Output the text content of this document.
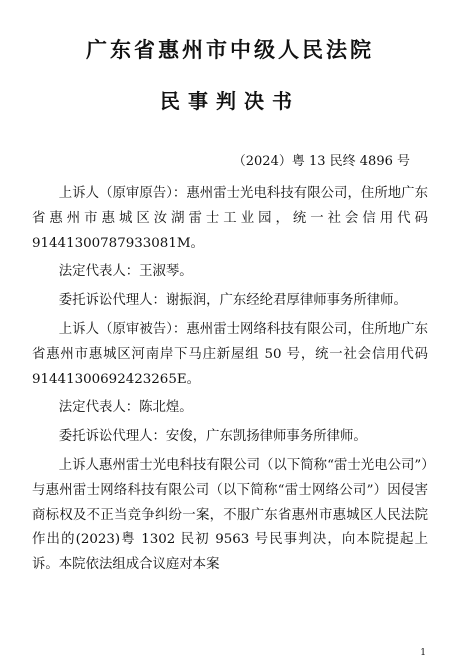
广东省惠州市中级人民法院
民事判决书
（2024）粤 13 民终 4896 号

上诉人（原审原告）：惠州雷士光电科技有限公司，住所地广东省惠州市惠城区汝湖雷士工业园，统一社会信用代码 91441300787933081M。

法定代表人：王淑琴。

委托诉讼代理人：谢振润，广东经纶君厚律师事务所律师。

上诉人（原审被告）：惠州雷士网络科技有限公司，住所地广东省惠州市惠城区河南岸下马庄新屋组 50 号，统一社会信用代码 91441300692423265E。

法定代表人：陈北煌。

委托诉讼代理人：安俊，广东凯扬律师事务所律师。

上诉人惠州雷士光电科技有限公司（以下简称“雷士光电公司”）与惠州雷士网络科技有限公司（以下简称“雷士网络公司”）因侵害商标权及不正当竞争纠纷一案，不服广东省惠州市惠城区人民法院作出的(2023)粤 1302 民初 9563 号民事判决，向本院提起上诉。本院依法组成合议庭对本案

1
